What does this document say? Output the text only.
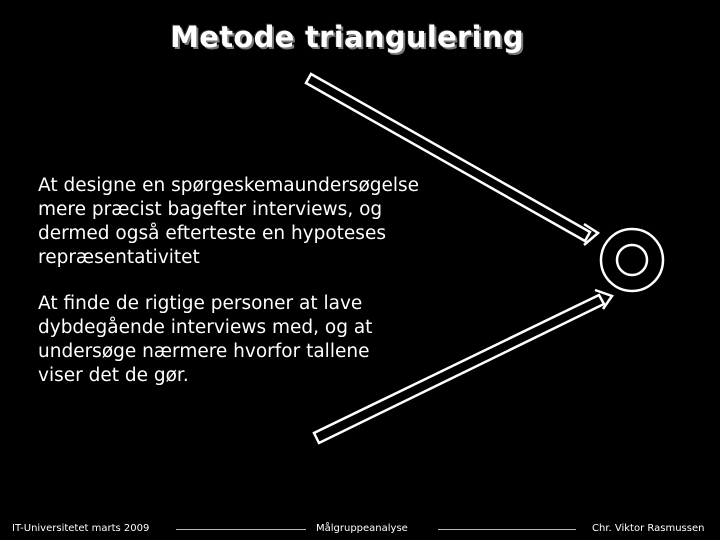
Metode triangulering
At designe en spørgeskemaundersøgelse
mere præcist bagefter interviews, og
dermed også efterteste en hypoteses
repræsentativitet
At finde de rigtige personer at lave
dybdegående interviews med, og at
undersøge nærmere hvorfor tallene
viser det de gør.
IT-Universitetet marts 2009	Målgruppeanalyse	Chr. Viktor Rasmussen
